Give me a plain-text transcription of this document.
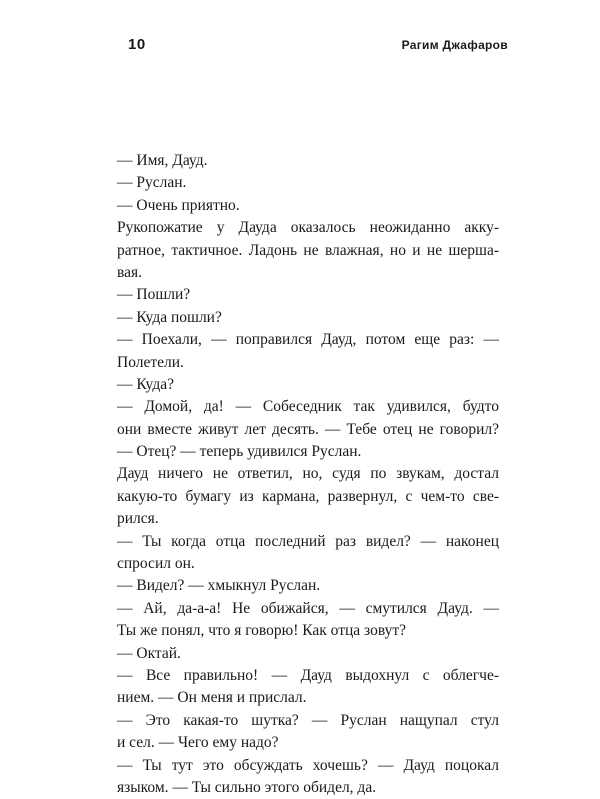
10	Рагим Джафаров
— Имя, Дауд.
— Руслан.
— Очень приятно.
Рукопожатие у Дауда оказалось неожиданно акку-
ратное, тактичное. Ладонь не влажная, но и не шерша-
вая.
— Пошли?
— Куда пошли?
— Поехали, — поправился Дауд, потом еще раз: —
Полетели.
— Куда?
— Домой, да! — Собеседник так удивился, будто
они вместе живут лет десять. — Тебе отец не говорил?
— Отец? — теперь удивился Руслан.
Дауд ничего не ответил, но, судя по звукам, достал
какую-то бумагу из кармана, развернул, с чем-то све-
рился.
— Ты когда отца последний раз видел? — наконец
спросил он.
— Видел? — хмыкнул Руслан.
— Ай, да-а-а! Не обижайся, — смутился Дауд. —
Ты же понял, что я говорю! Как отца зовут?
— Октай.
— Все правильно! — Дауд выдохнул с облегче-
нием. — Он меня и прислал.
— Это какая-то шутка? — Руслан нащупал стул
и сел. — Чего ему надо?
— Ты тут это обсуждать хочешь? — Дауд поцокал
языком. — Ты сильно этого обидел, да.
